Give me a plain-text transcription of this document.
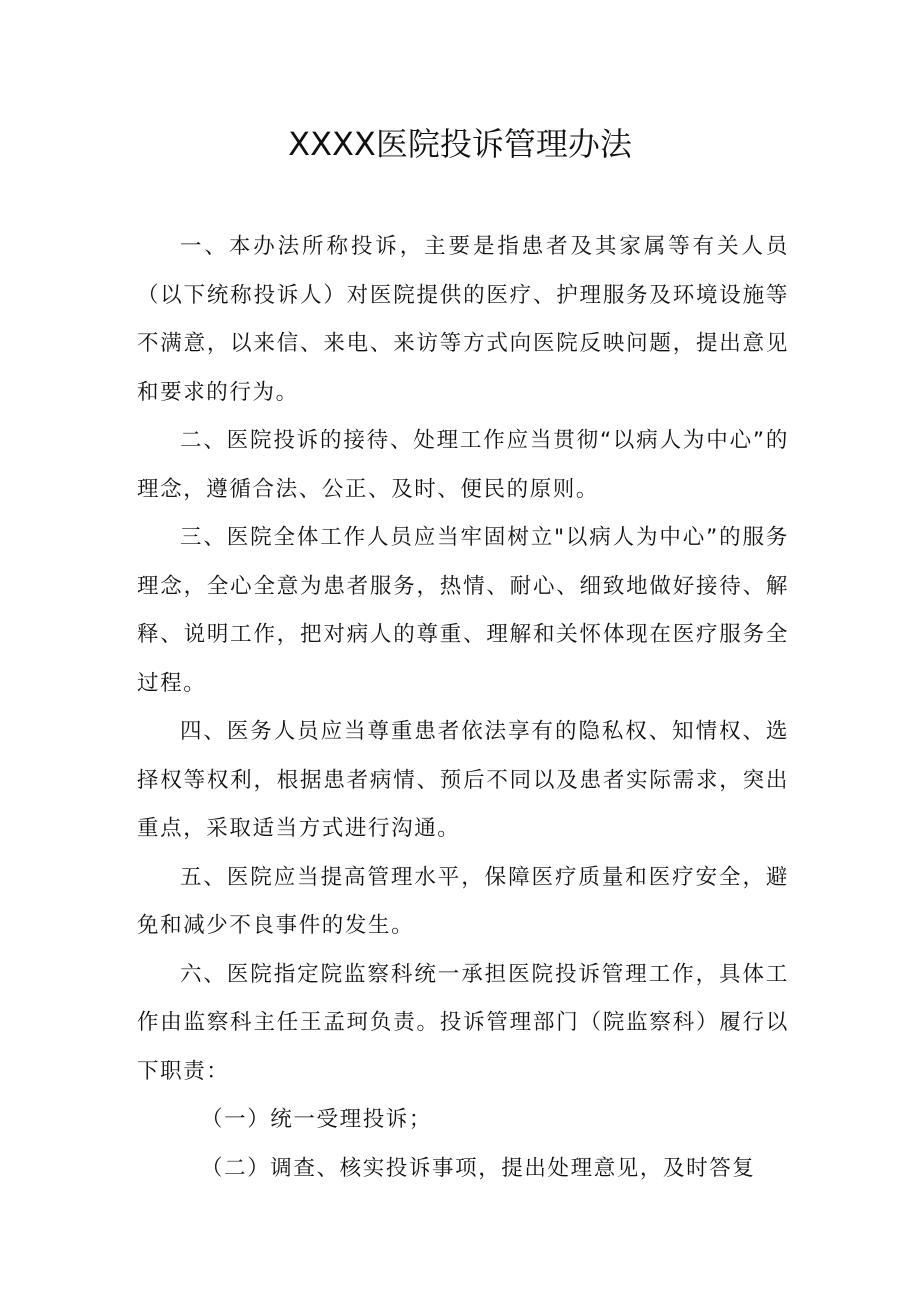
XXXX医院投诉管理办法

一、本办法所称投诉，主要是指患者及其家属等有关人员（以下统称投诉人）对医院提供的医疗、护理服务及环境设施等不满意，以来信、来电、来访等方式向医院反映问题，提出意见和要求的行为。

二、医院投诉的接待、处理工作应当贯彻“以病人为中心”的理念，遵循合法、公正、及时、便民的原则。

三、医院全体工作人员应当牢固树立"以病人为中心”的服务理念，全心全意为患者服务，热情、耐心、细致地做好接待、解释、说明工作，把对病人的尊重、理解和关怀体现在医疗服务全过程。

四、医务人员应当尊重患者依法享有的隐私权、知情权、选择权等权利，根据患者病情、预后不同以及患者实际需求，突出重点，采取适当方式进行沟通。

五、医院应当提高管理水平，保障医疗质量和医疗安全，避免和减少不良事件的发生。

六、医院指定院监察科统一承担医院投诉管理工作，具体工作由监察科主任王孟珂负责。投诉管理部门（院监察科）履行以下职责：

（一）统一受理投诉；

（二）调查、核实投诉事项，提出处理意见，及时答复
